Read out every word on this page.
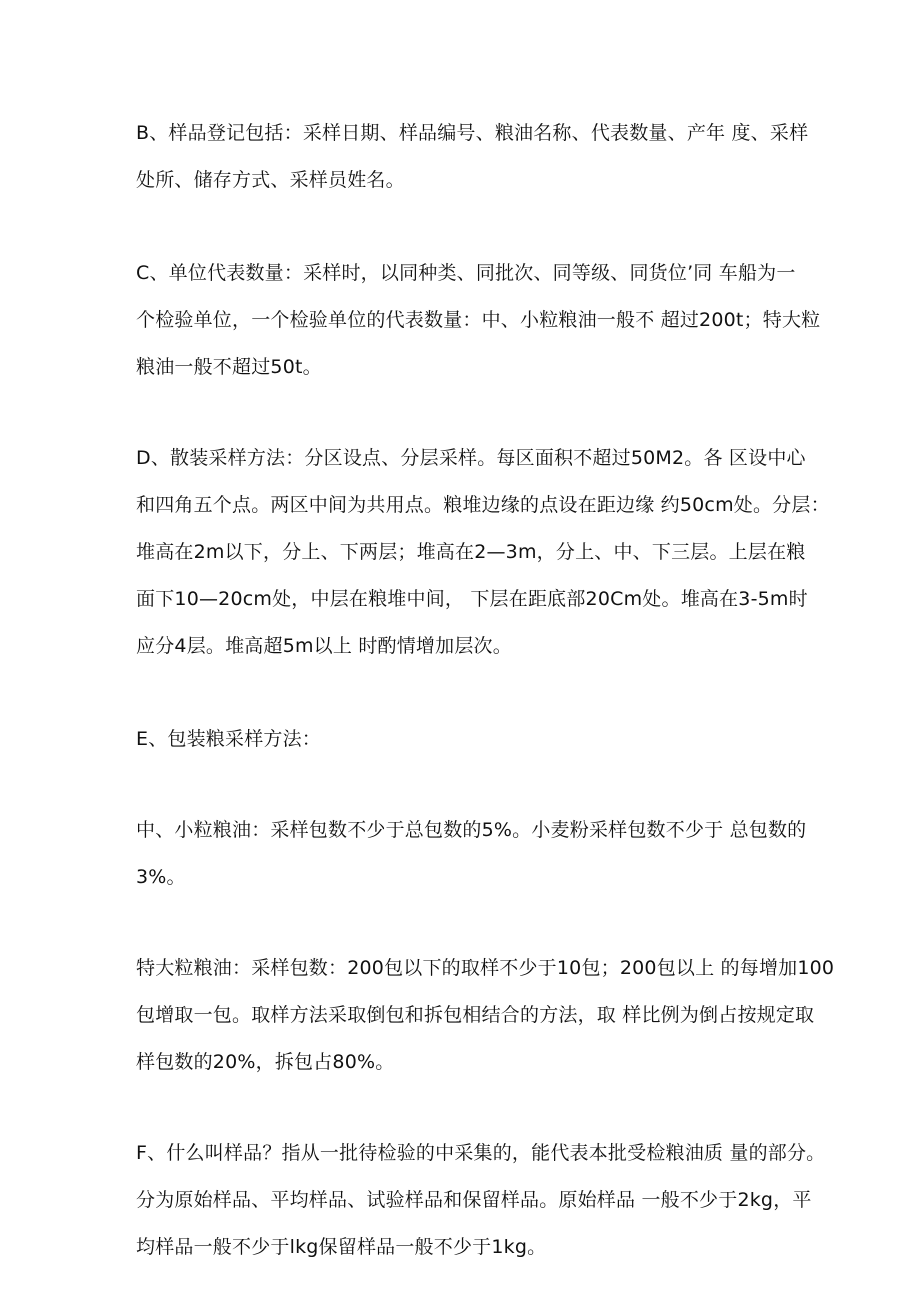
B、样品登记包括：采样日期、样品编号、粮油名称、代表数量、产年 度、采样
处所、储存方式、采样员姓名。
C、单位代表数量：采样时，以同种类、同批次、同等级、同货位’同 车船为一
个检验单位，一个检验单位的代表数量：中、小粒粮油一般不 超过200t；特大粒
粮油一般不超过50t。
D、散装采样方法：分区设点、分层采样。每区面积不超过50M2。各 区设中心
和四角五个点。两区中间为共用点。粮堆边缘的点设在距边缘 约50cm处。分层：
堆高在2m以下，分上、下两层；堆高在2—3m，分上、中、下三层。上层在粮
面下10—20cm处，中层在粮堆中间， 下层在距底部20Cm处。堆高在3-5m时
应分4层。堆高超5m以上 时酌情增加层次。
E、包装粮采样方法：
中、小粒粮油：采样包数不少于总包数的5%。小麦粉采样包数不少于 总包数的
3%。
特大粒粮油：采样包数：200包以下的取样不少于10包；200包以上 的每增加100
包增取一包。取样方法采取倒包和拆包相结合的方法，取 样比例为倒占按规定取
样包数的20%，拆包占80%。
F、什么叫样品？指从一批待检验的中采集的，能代表本批受检粮油质 量的部分。
分为原始样品、平均样品、试验样品和保留样品。原始样品 一般不少于2kg，平
均样品一般不少于lkg保留样品一般不少于1kg。
